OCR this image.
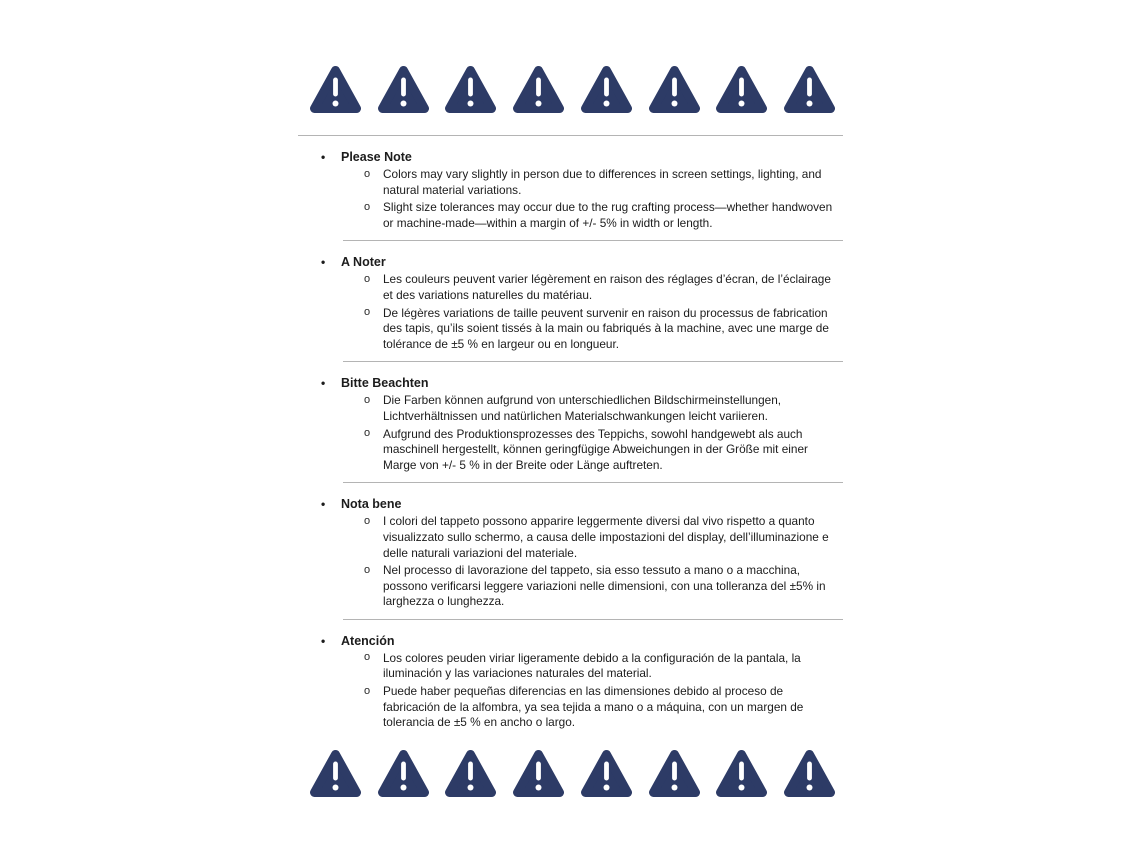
• Please Note
o Colors may vary slightly in person due to differences in screen settings, lighting, and natural material variations.
o Slight size tolerances may occur due to the rug crafting process—whether handwoven or machine-made—within a margin of +/- 5% in width or length.
• A Noter
o Les couleurs peuvent varier légèrement en raison des réglages d’écran, de l’éclairage et des variations naturelles du matériau.
o De légères variations de taille peuvent survenir en raison du processus de fabrication des tapis, qu’ils soient tissés à la main ou fabriqués à la machine, avec une marge de tolérance de ±5 % en largeur ou en longueur.
• Bitte Beachten
o Die Farben können aufgrund von unterschiedlichen Bildschirmeinstellungen, Lichtverhältnissen und natürlichen Materialschwankungen leicht variieren.
o Aufgrund des Produktionsprozesses des Teppichs, sowohl handgewebt als auch maschinell hergestellt, können geringfügige Abweichungen in der Größe mit einer Marge von +/- 5 % in der Breite oder Länge auftreten.
• Nota bene
o I colori del tappeto possono apparire leggermente diversi dal vivo rispetto a quanto visualizzato sullo schermo, a causa delle impostazioni del display, dell’illuminazione e delle naturali variazioni del materiale.
o Nel processo di lavorazione del tappeto, sia esso tessuto a mano o a macchina, possono verificarsi leggere variazioni nelle dimensioni, con una tolleranza del ±5% in larghezza o lunghezza.
• Atención
o Los colores peuden viriar ligeramente debido a la configuración de la pantala, la iluminación y las variaciones naturales del material.
o Puede haber pequeñas diferencias en las dimensiones debido al proceso de fabricación de la alfombra, ya sea tejida a mano o a máquina, con un margen de tolerancia de ±5 % en ancho o largo.
